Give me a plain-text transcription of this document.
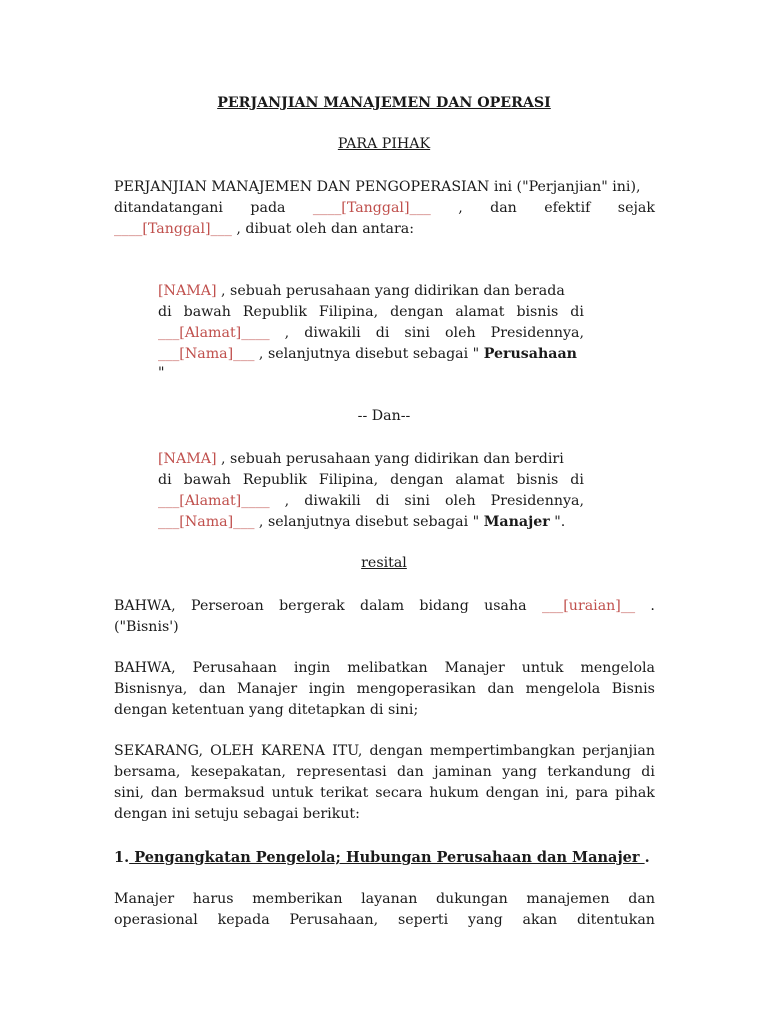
PERJANJIAN MANAJEMEN DAN OPERASI
PARA PIHAK
PERJANJIAN MANAJEMEN DAN PENGOPERASIAN ini ("Perjanjian" ini),
ditandatangani pada ____[Tanggal]___ , dan efektif sejak
____[Tanggal]___ , dibuat oleh dan antara:
[NAMA] , sebuah perusahaan yang didirikan dan berada
di bawah Republik Filipina, dengan alamat bisnis di
___[Alamat]____ , diwakili di sini oleh Presidennya,
___[Nama]___ , selanjutnya disebut sebagai " Perusahaan
"
-- Dan--
[NAMA] , sebuah perusahaan yang didirikan dan berdiri
di bawah Republik Filipina, dengan alamat bisnis di
___[Alamat]____ , diwakili di sini oleh Presidennya,
___[Nama]___ , selanjutnya disebut sebagai " Manajer ".
resital
BAHWA, Perseroan bergerak dalam bidang usaha ___[uraian]__ .
("Bisnis')
BAHWA, Perusahaan ingin melibatkan Manajer untuk mengelola
Bisnisnya, dan Manajer ingin mengoperasikan dan mengelola Bisnis
dengan ketentuan yang ditetapkan di sini;
SEKARANG, OLEH KARENA ITU, dengan mempertimbangkan perjanjian
bersama, kesepakatan, representasi dan jaminan yang terkandung di
sini, dan bermaksud untuk terikat secara hukum dengan ini, para pihak
dengan ini setuju sebagai berikut:
1. Pengangkatan Pengelola; Hubungan Perusahaan dan Manajer .
Manajer harus memberikan layanan dukungan manajemen dan
operasional kepada Perusahaan, seperti yang akan ditentukan
